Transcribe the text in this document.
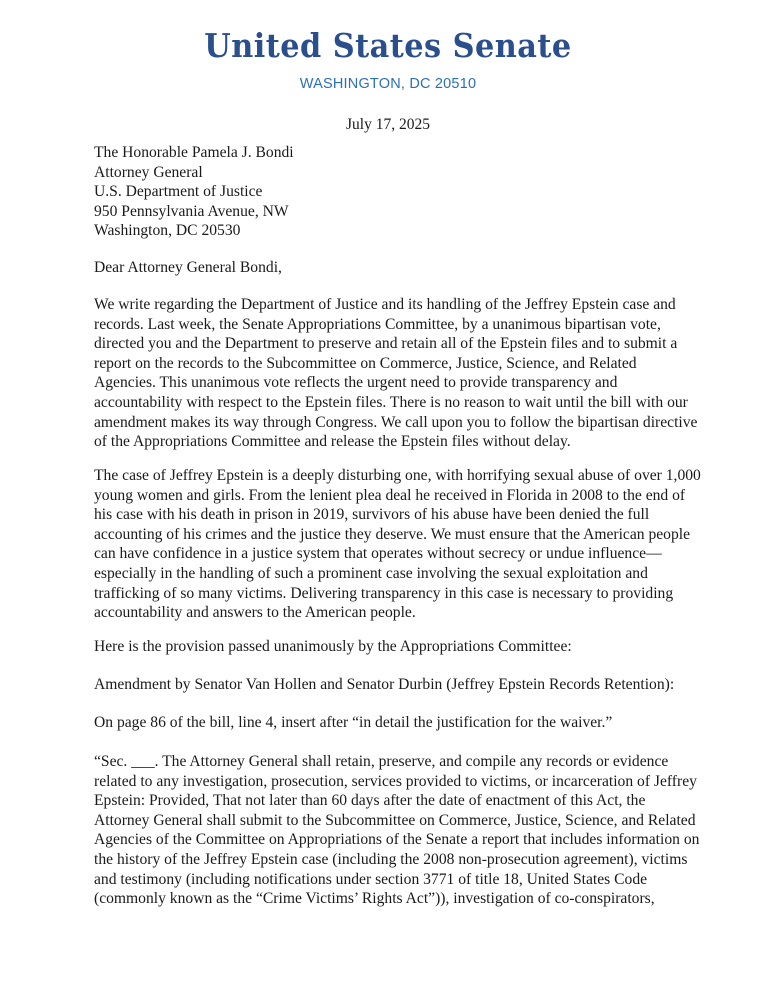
United States Senate
WASHINGTON, DC 20510
July 17, 2025
The Honorable Pamela J. Bondi
Attorney General
U.S. Department of Justice
950 Pennsylvania Avenue, NW
Washington, DC 20530
Dear Attorney General Bondi,
We write regarding the Department of Justice and its handling of the Jeffrey Epstein case and
records. Last week, the Senate Appropriations Committee, by a unanimous bipartisan vote,
directed you and the Department to preserve and retain all of the Epstein files and to submit a
report on the records to the Subcommittee on Commerce, Justice, Science, and Related
Agencies. This unanimous vote reflects the urgent need to provide transparency and
accountability with respect to the Epstein files. There is no reason to wait until the bill with our
amendment makes its way through Congress. We call upon you to follow the bipartisan directive
of the Appropriations Committee and release the Epstein files without delay.
The case of Jeffrey Epstein is a deeply disturbing one, with horrifying sexual abuse of over 1,000
young women and girls. From the lenient plea deal he received in Florida in 2008 to the end of
his case with his death in prison in 2019, survivors of his abuse have been denied the full
accounting of his crimes and the justice they deserve. We must ensure that the American people
can have confidence in a justice system that operates without secrecy or undue influence—
especially in the handling of such a prominent case involving the sexual exploitation and
trafficking of so many victims. Delivering transparency in this case is necessary to providing
accountability and answers to the American people.
Here is the provision passed unanimously by the Appropriations Committee:
Amendment by Senator Van Hollen and Senator Durbin (Jeffrey Epstein Records Retention):
On page 86 of the bill, line 4, insert after “in detail the justification for the waiver.”
“Sec. ___. The Attorney General shall retain, preserve, and compile any records or evidence
related to any investigation, prosecution, services provided to victims, or incarceration of Jeffrey
Epstein: Provided, That not later than 60 days after the date of enactment of this Act, the
Attorney General shall submit to the Subcommittee on Commerce, Justice, Science, and Related
Agencies of the Committee on Appropriations of the Senate a report that includes information on
the history of the Jeffrey Epstein case (including the 2008 non-prosecution agreement), victims
and testimony (including notifications under section 3771 of title 18, United States Code
(commonly known as the “Crime Victims’ Rights Act”)), investigation of co-conspirators,
